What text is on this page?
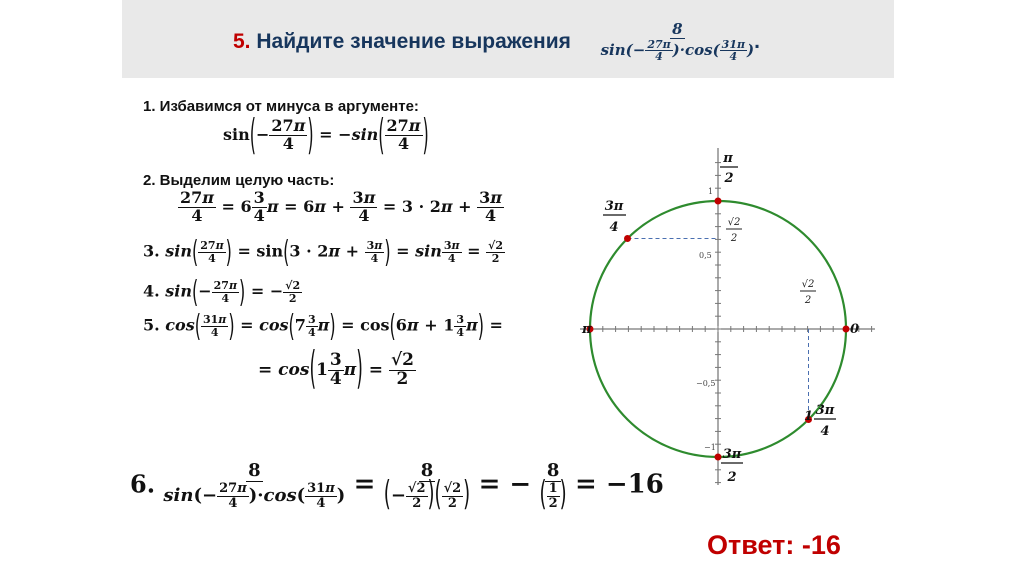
5. Найдите значение выражения $\frac{8}{\sin(- \frac{27\pi}{4} )\cdot\cos( \frac{31\pi}{4} )}$ .
1. Избавимся от минуса в аргументе:
$\sin(- \frac{27\pi}{4}$ ) = $-\sin( \frac{27\pi}{4}$ )
2. Выделим целую часть:
$\frac{27\pi}{4} = 6 \frac{3}{4}$ $\pi = 6\pi + \frac{3\pi}{4} = 3 \cdot 2\pi + \frac{3\pi}{4}$
3. $\sin( \frac{27\pi}{4}$ ) = $\sin(3 \cdot 2\pi + \frac{3\pi}{4}$ ) = $\sin \frac{3\pi}{4} = \frac{√2}{2}$
4. $\sin(- \frac{27\pi}{4}$ ) = − $\frac{√2}{2}$
5. $\cos( \frac{31\pi}{4}$ ) = $\cos(7 \frac{3}{4} \pi) = \cos(6\pi + 1 \frac{3}{4} \pi)$ =
= $\cos(1 \frac{3}{4} \pi) = \frac{√2}{2}$
6. $\frac{8}{\sin(- \frac{27\pi}{4} )\cdot\cos( \frac{31\pi}{4} )} = \frac{8}{(- \frac{√2}{2} )( \frac{√2}{2} )}$ = − $\frac{8}{( \frac{1}{2} )} = -16$
Ответ: -16
π
2
3π
4
π	0
1 3π
4
3π
2
√2
2
√2
2
0,5
−0,5
1
−1
